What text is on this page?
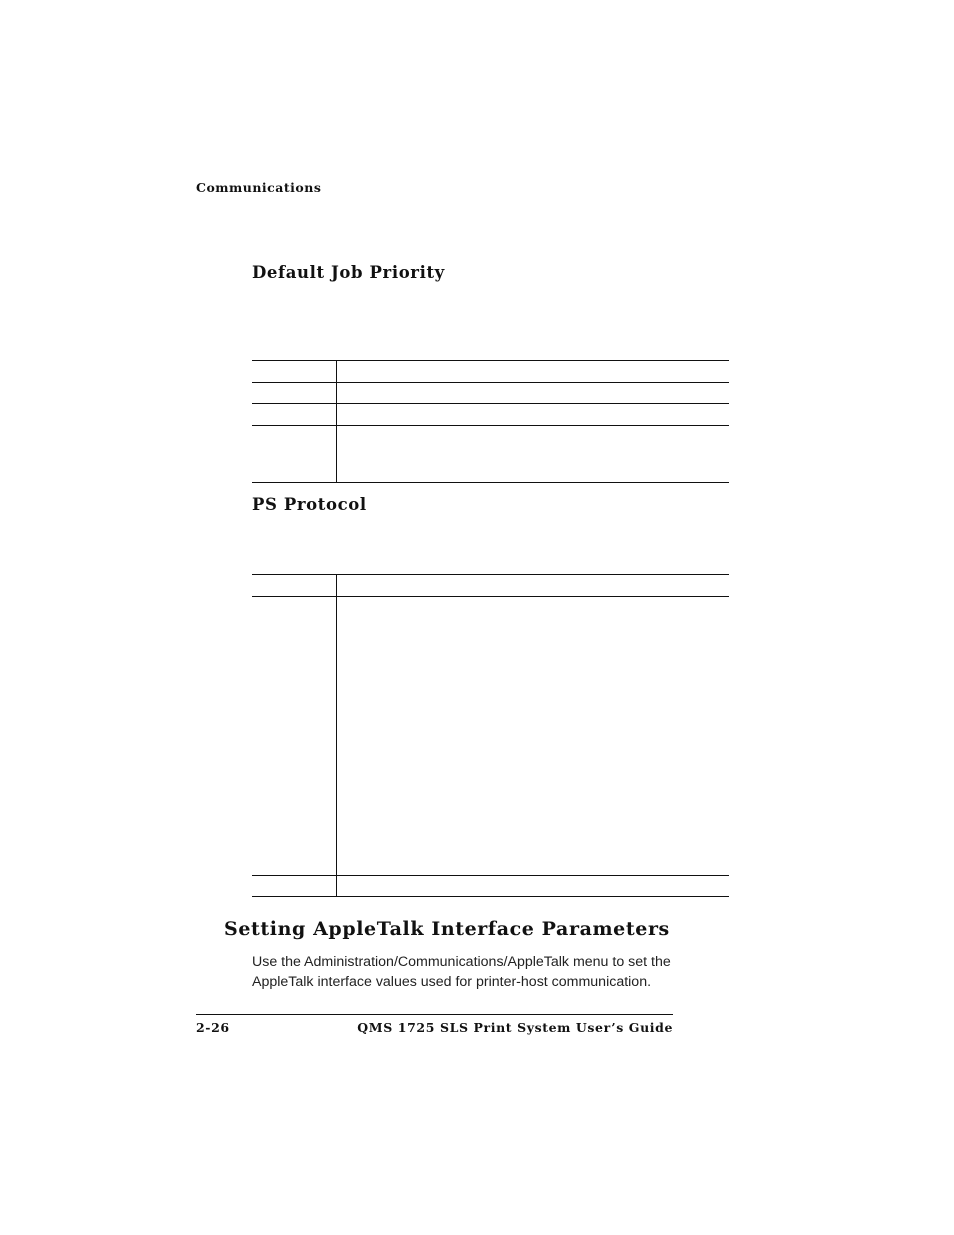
Communications
Default Job Priority
PS Protocol
Setting AppleTalk Interface Parameters
Use the Administration/Communications/AppleTalk menu to set the AppleTalk interface values used for printer-host communication.
2-26	QMS 1725 SLS Print System User’s Guide
